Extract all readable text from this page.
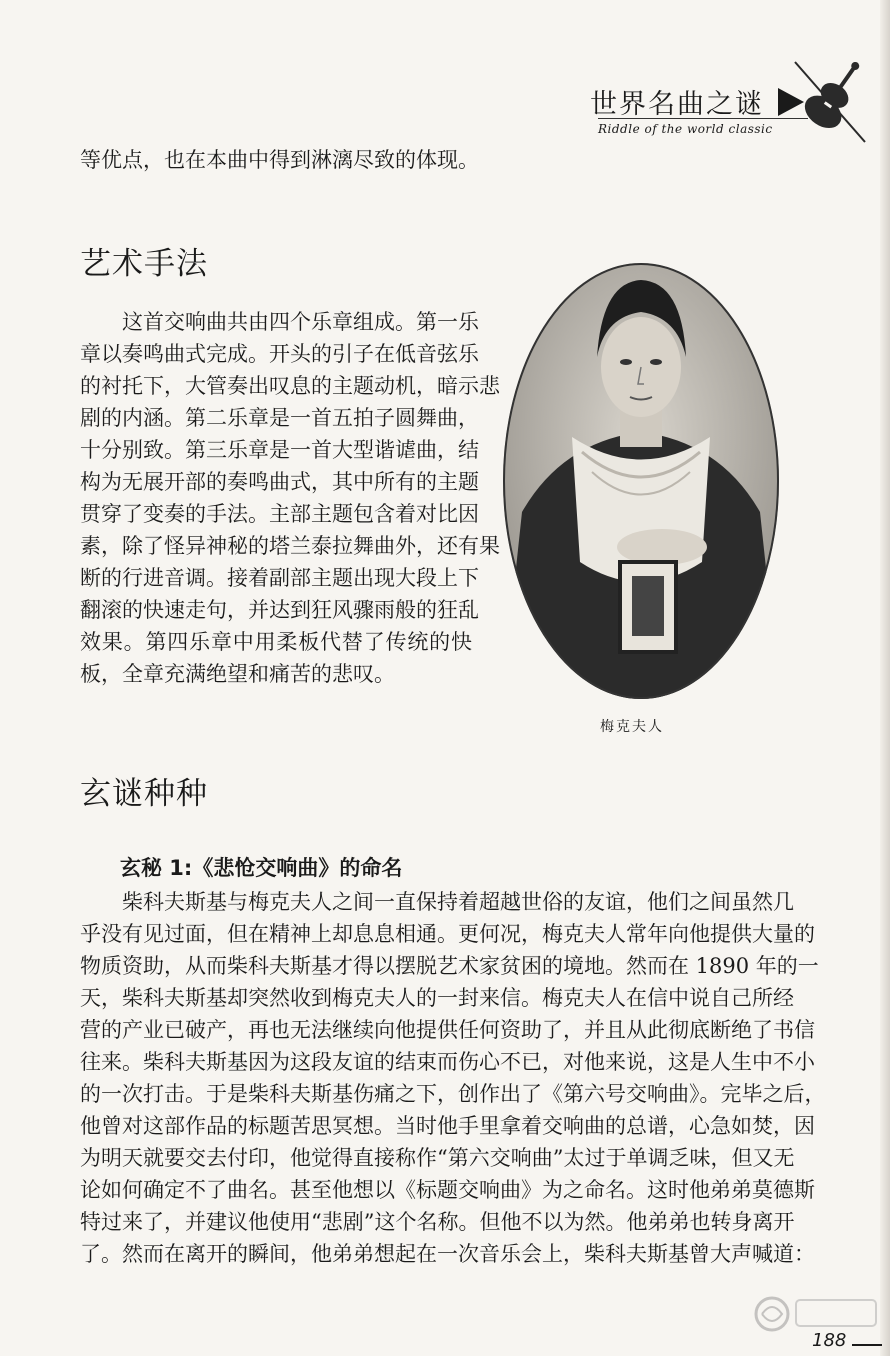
世界名曲之谜
Riddle of the world classic
等优点，也在本曲中得到淋漓尽致的体现。
艺术手法
　　这首交响曲共由四个乐章组成。第一乐
章以奏鸣曲式完成。开头的引子在低音弦乐
的衬托下，大管奏出叹息的主题动机，暗示悲
剧的内涵。第二乐章是一首五拍子圆舞曲，
十分别致。第三乐章是一首大型谐谑曲，结
构为无展开部的奏鸣曲式，其中所有的主题
贯穿了变奏的手法。主部主题包含着对比因
素，除了怪异神秘的塔兰泰拉舞曲外，还有果
断的行进音调。接着副部主题出现大段上下
翻滚的快速走句，并达到狂风骤雨般的狂乱
效果。第四乐章中用柔板代替了传统的快
板，全章充满绝望和痛苦的悲叹。
梅克夫人
玄谜种种
玄秘 1:《悲怆交响曲》的命名
　　柴科夫斯基与梅克夫人之间一直保持着超越世俗的友谊，他们之间虽然几
乎没有见过面，但在精神上却息息相通。更何况，梅克夫人常年向他提供大量的
物质资助，从而柴科夫斯基才得以摆脱艺术家贫困的境地。然而在 1890 年的一
天，柴科夫斯基却突然收到梅克夫人的一封来信。梅克夫人在信中说自己所经
营的产业已破产，再也无法继续向他提供任何资助了，并且从此彻底断绝了书信
往来。柴科夫斯基因为这段友谊的结束而伤心不已，对他来说，这是人生中不小
的一次打击。于是柴科夫斯基伤痛之下，创作出了《第六号交响曲》。完毕之后，
他曾对这部作品的标题苦思冥想。当时他手里拿着交响曲的总谱，心急如焚，因
为明天就要交去付印，他觉得直接称作“第六交响曲”太过于单调乏味，但又无
论如何确定不了曲名。甚至他想以《标题交响曲》为之命名。这时他弟弟莫德斯
特过来了，并建议他使用“悲剧”这个名称。但他不以为然。他弟弟也转身离开
了。然而在离开的瞬间，他弟弟想起在一次音乐会上，柴科夫斯基曾大声喊道：
188
